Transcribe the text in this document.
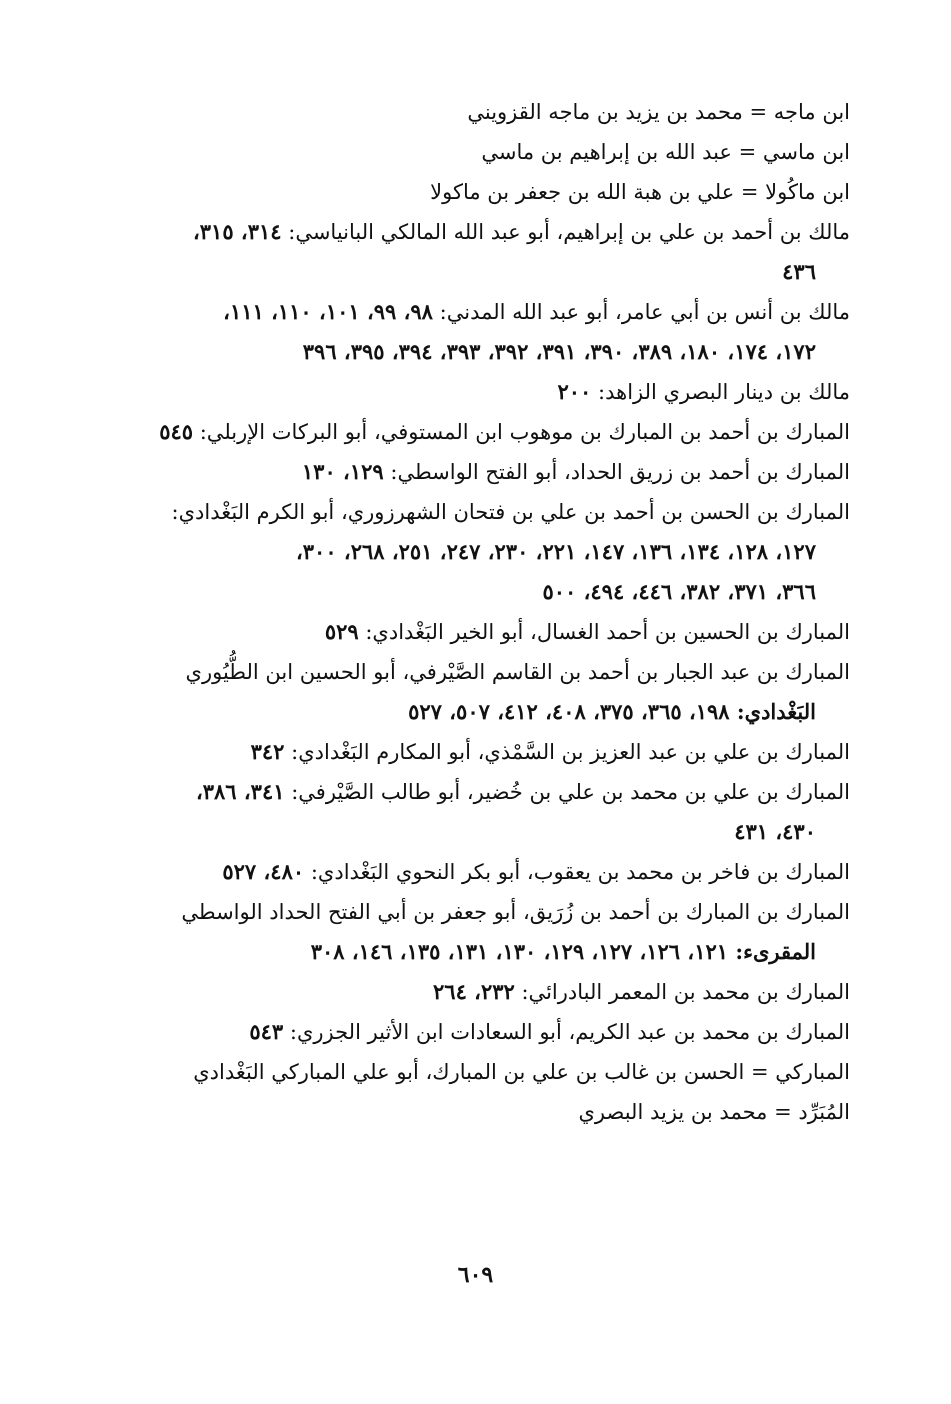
ابن ماجه = محمد بن يزيد بن ماجه القزويني

ابن ماسي = عبد الله بن إبراهيم بن ماسي

ابن ماكُولا = علي بن هبة الله بن جعفر بن ماكولا

مالك بن أحمد بن علي بن إبراهيم، أبو عبد الله المالكي البانياسي: ٣١٤، ٣١٥،
٤٣٦

مالك بن أنس بن أبي عامر، أبو عبد الله المدني: ٩٨، ٩٩، ١٠١، ١١٠، ١١١،
١٧٢، ١٧٤، ١٨٠، ٣٨٩، ٣٩٠، ٣٩١، ٣٩٢، ٣٩٣، ٣٩٤، ٣٩٥، ٣٩٦

مالك بن دينار البصري الزاهد: ٢٠٠

المبارك بن أحمد بن المبارك بن موهوب ابن المستوفي، أبو البركات الإربلي: ٥٤٥

المبارك بن أحمد بن زريق الحداد، أبو الفتح الواسطي: ١٢٩، ١٣٠

المبارك بن الحسن بن أحمد بن علي بن فتحان الشهرزوري، أبو الكرم البَغْدادي:
١٢٧، ١٢٨، ١٣٤، ١٣٦، ١٤٧، ٢٢١، ٢٣٠، ٢٤٧، ٢٥١، ٢٦٨، ٣٠٠،
٣٦٦، ٣٧١، ٣٨٢، ٤٤٦، ٤٩٤، ٥٠٠

المبارك بن الحسين بن أحمد الغسال، أبو الخير البَغْدادي: ٥٢٩

المبارك بن عبد الجبار بن أحمد بن القاسم الصَّيْرفي، أبو الحسين ابن الطُّيُوري
البَغْدادي: ١٩٨، ٣٦٥، ٣٧٥، ٤٠٨، ٤١٢، ٥٠٧، ٥٢٧

المبارك بن علي بن عبد العزيز بن السَّمْذي، أبو المكارم البَغْدادي: ٣٤٢

المبارك بن علي بن محمد بن علي بن خُضير، أبو طالب الصَّيْرفي: ٣٤١، ٣٨٦،
٤٣٠، ٤٣١

المبارك بن فاخر بن محمد بن يعقوب، أبو بكر النحوي البَغْدادي: ٤٨٠، ٥٢٧

المبارك بن المبارك بن أحمد بن زُرَيق، أبو جعفر بن أبي الفتح الحداد الواسطي
المقرىء: ١٢١، ١٢٦، ١٢٧، ١٢٩، ١٣٠، ١٣١، ١٣٥، ١٤٦، ٣٠٨

المبارك بن محمد بن المعمر البادرائي: ٢٣٢، ٢٦٤

المبارك بن محمد بن عبد الكريم، أبو السعادات ابن الأثير الجزري: ٥٤٣

المباركي = الحسن بن غالب بن علي بن المبارك، أبو علي المباركي البَغْدادي

المُبَرِّد = محمد بن يزيد البصري

٦٠٩
